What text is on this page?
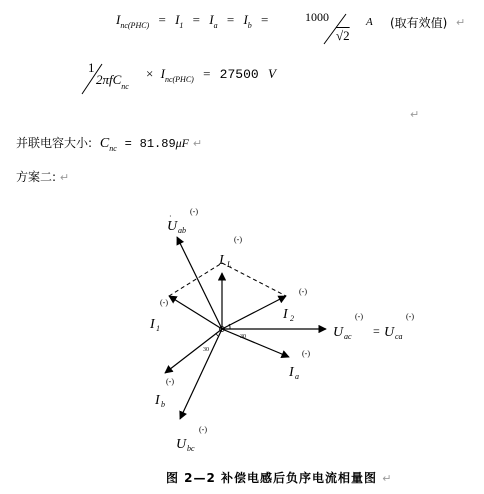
$I_{nc(PHC)} = I_1 = I_a = I_b$ =	1000
√2
A (取有效值) ↵
1
2πfC$_{nc}$
× $I_{nc(PHC)} = 27500$ V
↵
并联电容大小: $C_{nc} = 81.89\mu F$ ↵
方案二: ↵
U ab
(-)
·
I L
(-)
I 1
(-)
I 2
(-)
U ac
(-)
= U ca
(-)
I a
(-)
I b
(-)
U bc
(-)
30
30
图 2—2 补偿电感后负序电流相量图 ↵
